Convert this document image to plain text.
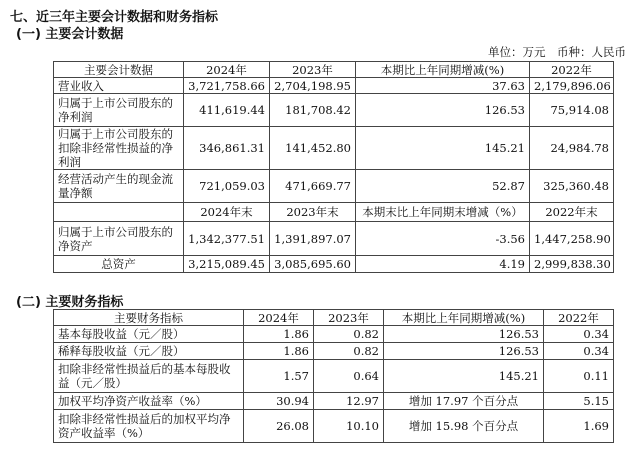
七、近三年主要会计数据和财务指标
(一) 主要会计数据
单位：万元　币种：人民币
主要会计数据	2024年	2023年	本期比上年同期增减(%)	2022年
营业收入	3,721,758.66	2,704,198.95	37.63	2,179,896.06
归属于上市公司股东的净利润	411,619.44	181,708.42	126.53	75,914.08
归属于上市公司股东的扣除非经常性损益的净利润	346,861.31	141,452.80	145.21	24,984.78
经营活动产生的现金流量净额	721,059.03	471,669.77	52.87	325,360.48
	2024年末	2023年末	本期末比上年同期末增减（%）	2022年末
归属于上市公司股东的净资产	1,342,377.51	1,391,897.07	-3.56	1,447,258.90
总资产	3,215,089.45	3,085,695.60	4.19	2,999,838.30
(二) 主要财务指标
主要财务指标	2024年	2023年	本期比上年同期增减(%)	2022年
基本每股收益（元／股）	1.86	0.82	126.53	0.34
稀释每股收益（元／股）	1.86	0.82	126.53	0.34
扣除非经常性损益后的基本每股收益（元／股）	1.57	0.64	145.21	0.11
加权平均净资产收益率（%）	30.94	12.97	增加 17.97 个百分点	5.15
扣除非经常性损益后的加权平均净资产收益率（%）	26.08	10.10	增加 15.98 个百分点	1.69
